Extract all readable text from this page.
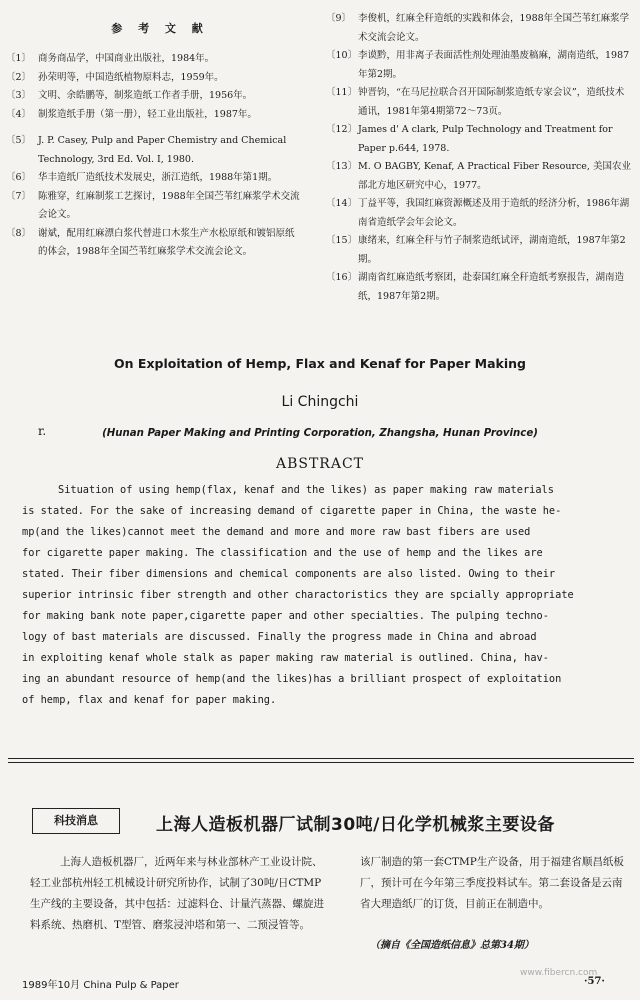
参 考 文 献
〔1〕 商务商品学，中国商业出版社，1984年。
〔2〕 孙荣明等，中国造纸植物原料志，1959年。
〔3〕 文明、余皓鹏等，制浆造纸工作者手册，1956年。
〔4〕 制浆造纸手册（第一册），轻工业出版社，1987年。
〔5〕 J. P. Casey, Pulp and Paper Chemistry and Chemical Technology, 3rd Ed. Vol. I, 1980.
〔6〕 华丰造纸厂造纸技术发展史，浙江造纸，1988年第1期。
〔7〕 陈雅穿，红麻制浆工艺探讨，1988年全国苎苇红麻浆学术交流会论文。
〔8〕 谢斌，配用红麻漂白浆代替进口木浆生产水松原纸和镀铝原纸的体会，1988年全国苎苇红麻浆学术交流会论文。
〔9〕 李俊机，红麻全秆造纸的实践和体会，1988年全国苎苇红麻浆学术交流会论文。
〔10〕 李谟黔，用非离子表面活性剂处理油墨废稿麻，湖南造纸，1987年第2期。
〔11〕 钟晋钧，“在马尼拉联合召开国际制浆造纸专家会议”，造纸技术通讯，1981年第4期第72～73页。
〔12〕 James d' A clark, Pulp Technology and Treatment for Paper p.644, 1978.
〔13〕 M. O BAGBY, Kenaf, A Practical Fiber Resource, 美国农业部北方地区研究中心，1977。
〔14〕 丁益平等，我国红麻资源概述及用于造纸的经济分析，1986年湖南省造纸学会年会论文。
〔15〕 康绪来，红麻全秆与竹子制浆造纸试评，湖南造纸，1987年第2期。
〔16〕 湖南省红麻造纸考察团，赴泰国红麻全秆造纸考察报告，湖南造纸，1987年第2期。
On Exploitation of Hemp, Flax and Kenaf for Paper Making
Li Chingchi
r.	(Hunan Paper Making and Printing Corporation, Zhangsha, Hunan Province)
ABSTRACT
Situation of using hemp(flax, kenaf and the likes) as paper making raw materials
is stated. For the sake of increasing demand of cigarette paper in China, the waste he-
mp(and the likes)cannot meet the demand and more and more raw bast fibers are used
for cigarette paper making. The classification and the use of hemp and the likes are
stated. Their fiber dimensions and chemical components are also listed. Owing to their
superior intrinsic fiber strength and other charactoristics they are spcially appropriate
for making bank note paper,cigarette paper and other specialties. The pulping techno-
logy of bast materials are discussed. Finally the progress made in China and abroad
in exploiting kenaf whole stalk as paper making raw material is outlined. China, hav-
ing an abundant resource of hemp(and the likes)has a brilliant prospect of exploitation
of hemp, flax and kenaf for paper making.
科技消息	上海人造板机器厂试制30吨/日化学机械浆主要设备
上海人造板机器厂，近两年来与林业部林产工业设计院、轻工业部杭州轻工机械设计研究所协作，试制了30吨/日CTMP生产线的主要设备，其中包括：过滤料仓、计量汽蒸器、螺旋进料系统、热磨机、T型管、磨浆浸沖塔和第一、二预浸管等。
该厂制造的第一套CTMP生产设备，用于福建省顺昌纸板厂，预计可在今年第三季度投料试车。第二套设备是云南省大理造纸厂的订货，目前正在制造中。
（摘自《全国造纸信息》总第34期）
1989年10月 China Pulp & Paper
www.fibercn.com
·57·
